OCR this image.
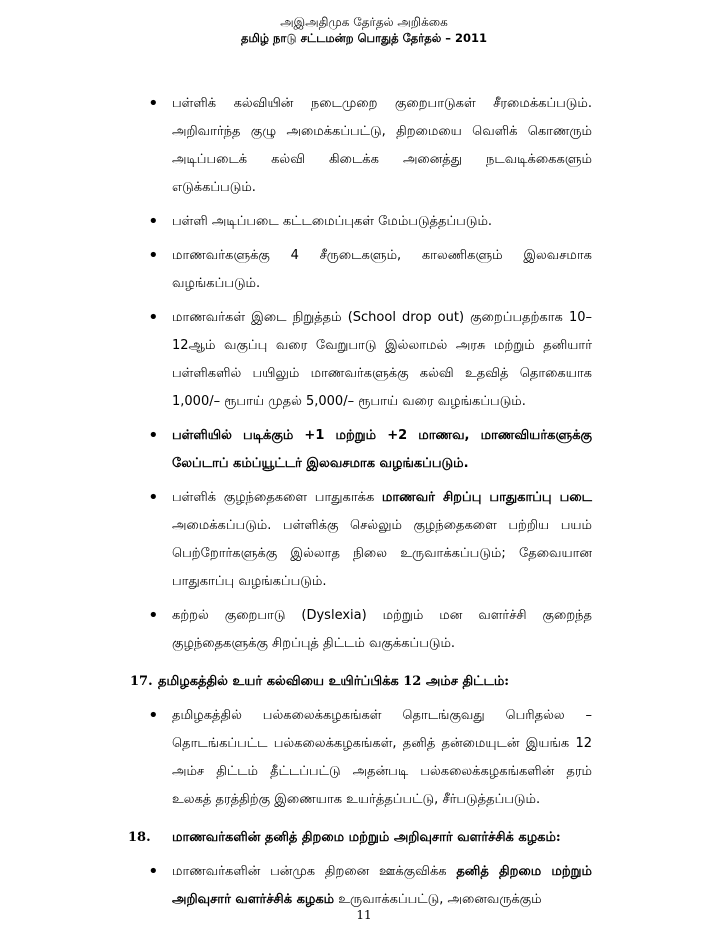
அஇஅதிமுக தேர்தல் அறிக்கை
தமிழ் நாடு சட்டமன்ற பொதுத் தேர்தல் – 2011
• பள்ளிக் கல்வியின் நடைமுறை குறைபாடுகள் சீரமைக்கப்படும். அறிவார்ந்த குழு அமைக்கப்பட்டு, திறமையை வெளிக் கொணரும் அடிப்படைக் கல்வி கிடைக்க அனைத்து நடவடிக்கைகளும் எடுக்கப்படும்.
• பள்ளி அடிப்படை கட்டமைப்புகள் மேம்படுத்தப்படும்.
• மாணவர்களுக்கு 4 சீருடைகளும், காலணிகளும் இலவசமாக வழங்கப்படும்.
• மாணவர்கள் இடை நிறுத்தம் (School drop out) குறைப்பதற்காக 10–12ஆம் வகுப்பு வரை வேறுபாடு இல்லாமல் அரசு மற்றும் தனியார் பள்ளிகளில் பயிலும் மாணவர்களுக்கு கல்வி உதவித் தொகையாக 1,000/– ரூபாய் முதல் 5,000/– ரூபாய் வரை வழங்கப்படும்.
• பள்ளியில் படிக்கும் +1 மற்றும் +2 மாணவ, மாணவியர்களுக்கு லேப்டாப் கம்ப்யூட்டர் இலவசமாக வழங்கப்படும்.
• பள்ளிக் குழந்தைகளை பாதுகாக்க மாணவர் சிறப்பு பாதுகாப்பு படை அமைக்கப்படும். பள்ளிக்கு செல்லும் குழந்தைகளை பற்றிய பயம் பெற்றோர்களுக்கு இல்லாத நிலை உருவாக்கப்படும்; தேவையான பாதுகாப்பு வழங்கப்படும்.
• கற்றல் குறைபாடு (Dyslexia) மற்றும் மன வளர்ச்சி குறைந்த குழந்தைகளுக்கு சிறப்புத் திட்டம் வகுக்கப்படும்.
17. தமிழகத்தில் உயர் கல்வியை உயிர்ப்பிக்க 12 அம்ச திட்டம்:
• தமிழகத்தில் பல்கலைக்கழகங்கள் தொடங்குவது பெரிதல்ல – தொடங்கப்பட்ட பல்கலைக்கழகங்கள், தனித் தன்மையுடன் இயங்க 12 அம்ச திட்டம் தீட்டப்பட்டு அதன்படி பல்கலைக்கழகங்களின் தரம் உலகத் தரத்திற்கு இணையாக உயர்த்தப்பட்டு, சீர்படுத்தப்படும்.
18. மாணவர்களின் தனித் திறமை மற்றும் அறிவுசார் வளர்ச்சிக் கழகம்:
• மாணவர்களின் பன்முக திறனை ஊக்குவிக்க தனித் திறமை மற்றும் அறிவுசார் வளர்ச்சிக் கழகம் உருவாக்கப்பட்டு, அனைவருக்கும்
11
